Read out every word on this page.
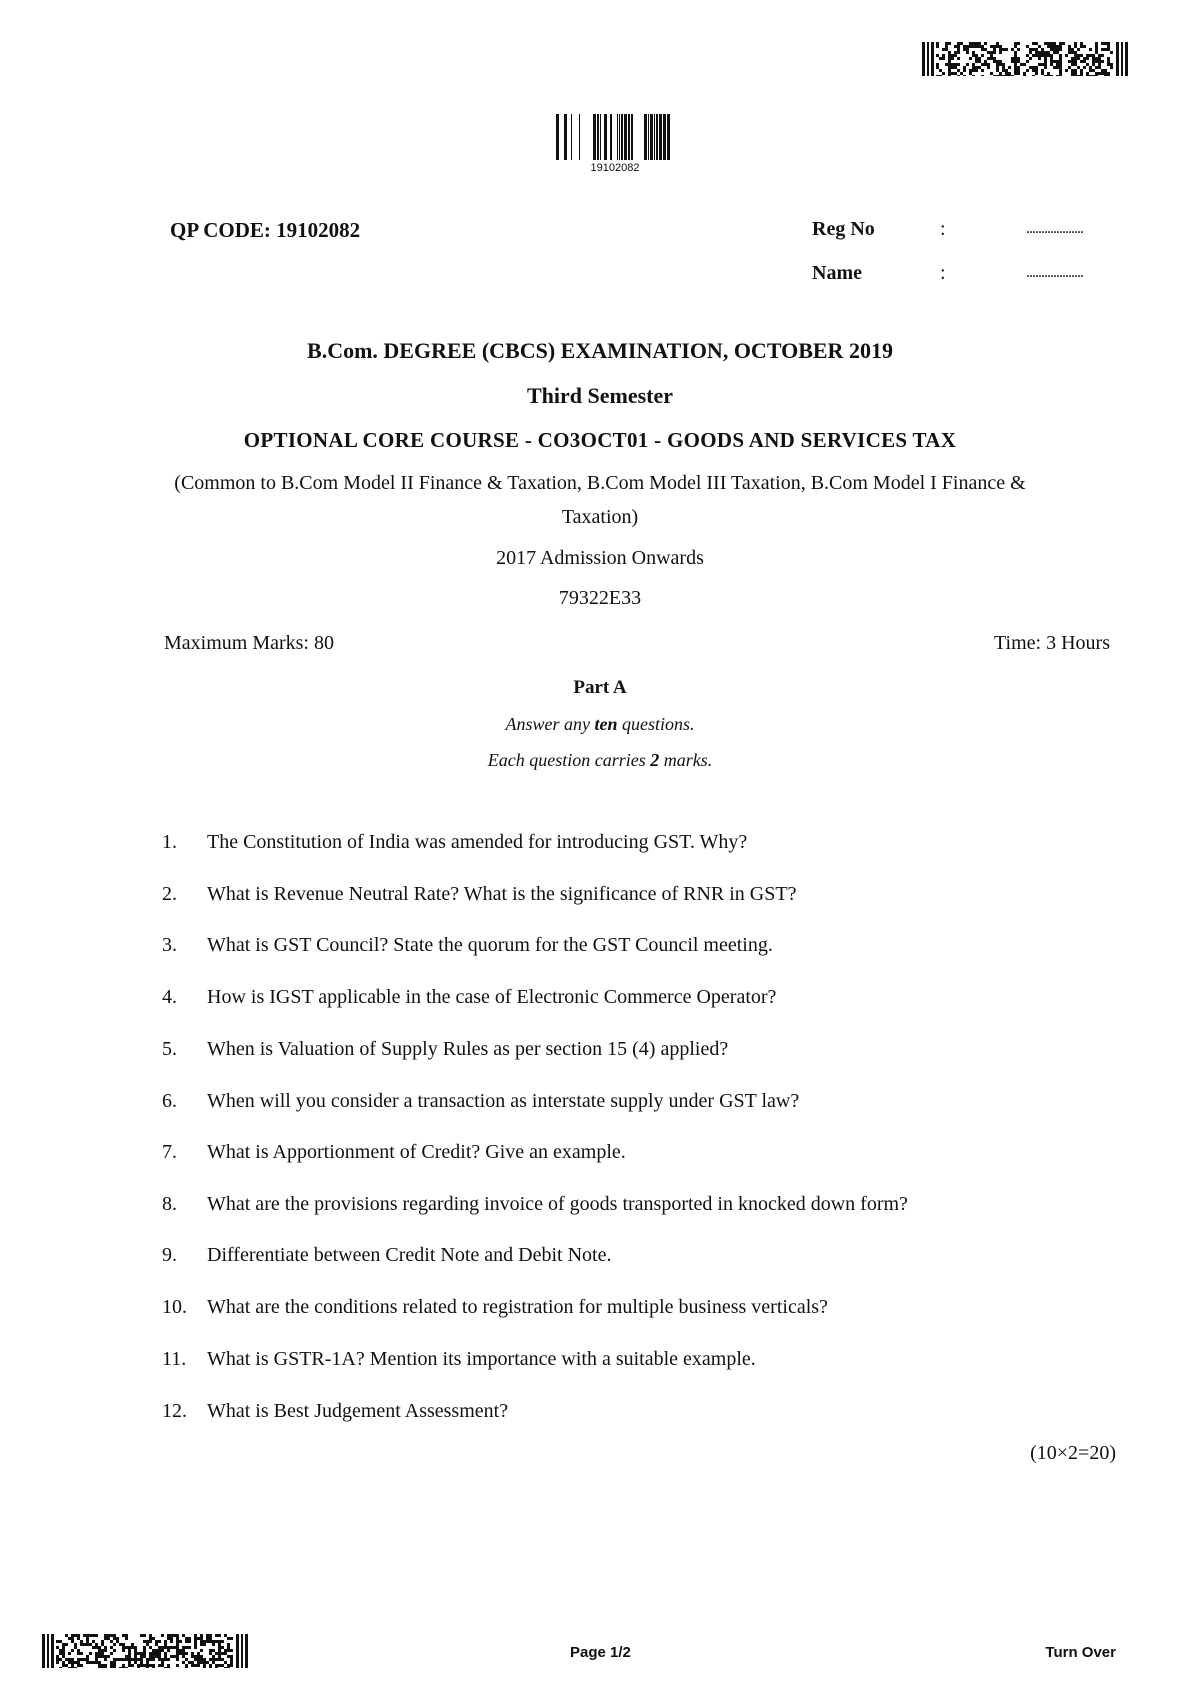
19102082
QP CODE: 19102082	Reg No	:	...................
Name	:	...................
B.Com. DEGREE (CBCS) EXAMINATION, OCTOBER 2019
Third Semester
OPTIONAL CORE COURSE - CO3OCT01 - GOODS AND SERVICES TAX
(Common to B.Com Model II Finance & Taxation, B.Com Model III Taxation, B.Com Model I Finance &
Taxation)
2017 Admission Onwards
79322E33
Maximum Marks: 80	Time: 3 Hours
Part A
Answer any ten questions.
Each question carries 2 marks.
1. The Constitution of India was amended for introducing GST. Why?
2. What is Revenue Neutral Rate? What is the significance of RNR in GST?
3. What is GST Council? State the quorum for the GST Council meeting.
4. How is IGST applicable in the case of Electronic Commerce Operator?
5. When is Valuation of Supply Rules as per section 15 (4) applied?
6. When will you consider a transaction as interstate supply under GST law?
7. What is Apportionment of Credit? Give an example.
8. What are the provisions regarding invoice of goods transported in knocked down form?
9. Differentiate between Credit Note and Debit Note.
10. What are the conditions related to registration for multiple business verticals?
11. What is GSTR-1A? Mention its importance with a suitable example.
12. What is Best Judgement Assessment?
(10×2=20)
Page 1/2	Turn Over
